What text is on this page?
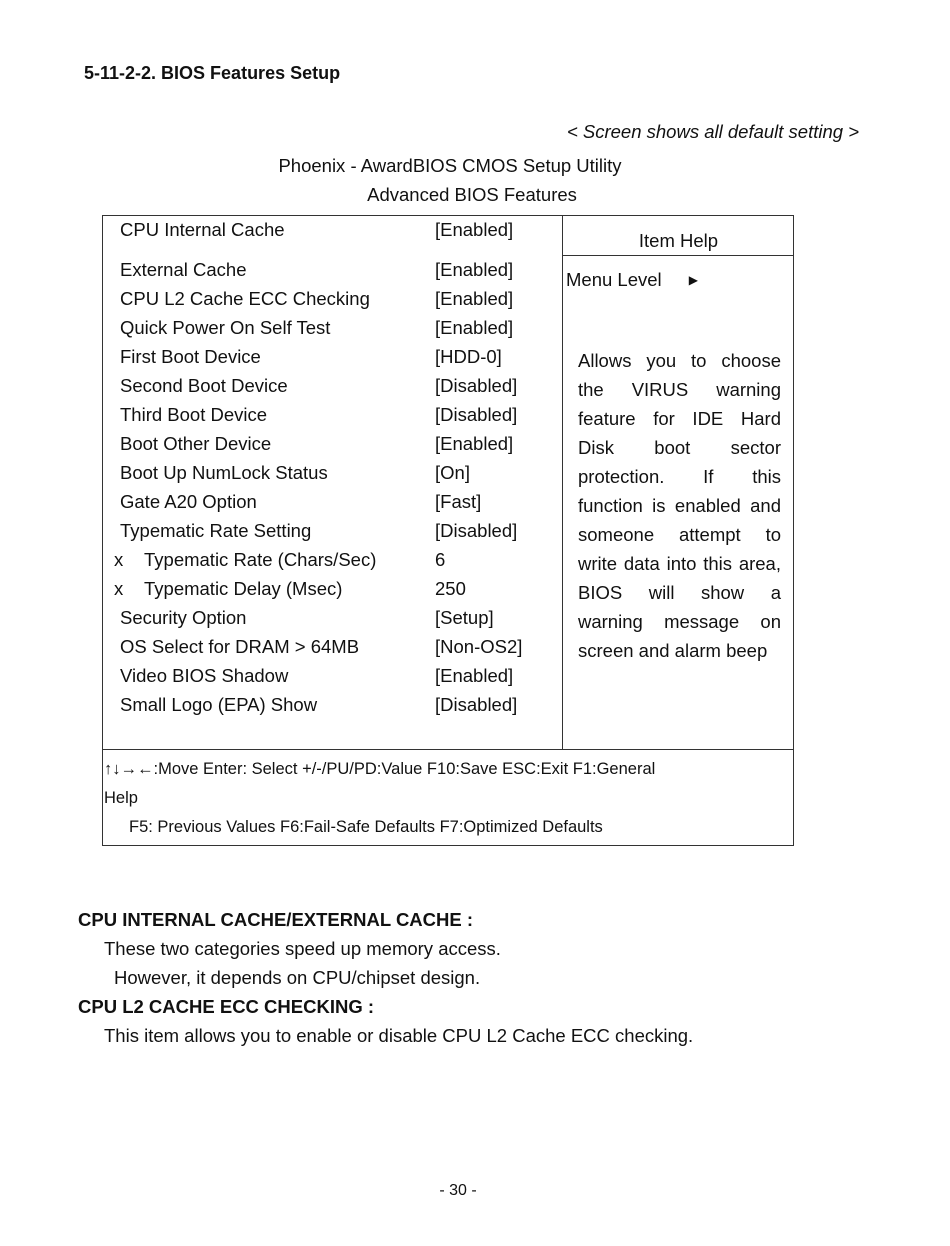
5-11-2-2. BIOS Features Setup
< Screen shows all default setting >
Phoenix - AwardBIOS CMOS Setup Utility
Advanced BIOS Features
CPU Internal Cache	[Enabled]
External Cache	[Enabled]
CPU L2 Cache ECC Checking	[Enabled]
Quick Power On Self Test	[Enabled]
First Boot Device	[HDD-0]
Second Boot Device	[Disabled]
Third Boot Device	[Disabled]
Boot Other Device	[Enabled]
Boot Up NumLock Status	[On]
Gate A20 Option	[Fast]
Typematic Rate Setting	[Disabled]
x Typematic Rate (Chars/Sec)	6
x Typematic Delay (Msec)	250
Security Option	[Setup]
OS Select for DRAM > 64MB	[Non-OS2]
Video BIOS Shadow	[Enabled]
Small Logo (EPA) Show	[Disabled]
Item Help
Menu Level ▶
Allows you to choose the VIRUS warning feature for IDE Hard Disk boot sector protection. If this function is enabled and someone attempt to write data into this area, BIOS will show a warning message on screen and alarm beep
↑↓→←:Move Enter: Select +/-/PU/PD:Value F10:Save ESC:Exit F1:General
Help
F5: Previous Values F6:Fail-Safe Defaults F7:Optimized Defaults
CPU INTERNAL CACHE/EXTERNAL CACHE :
These two categories speed up memory access.
However, it depends on CPU/chipset design.
CPU L2 CACHE ECC CHECKING :
This item allows you to enable or disable CPU L2 Cache ECC checking.
- 30 -
